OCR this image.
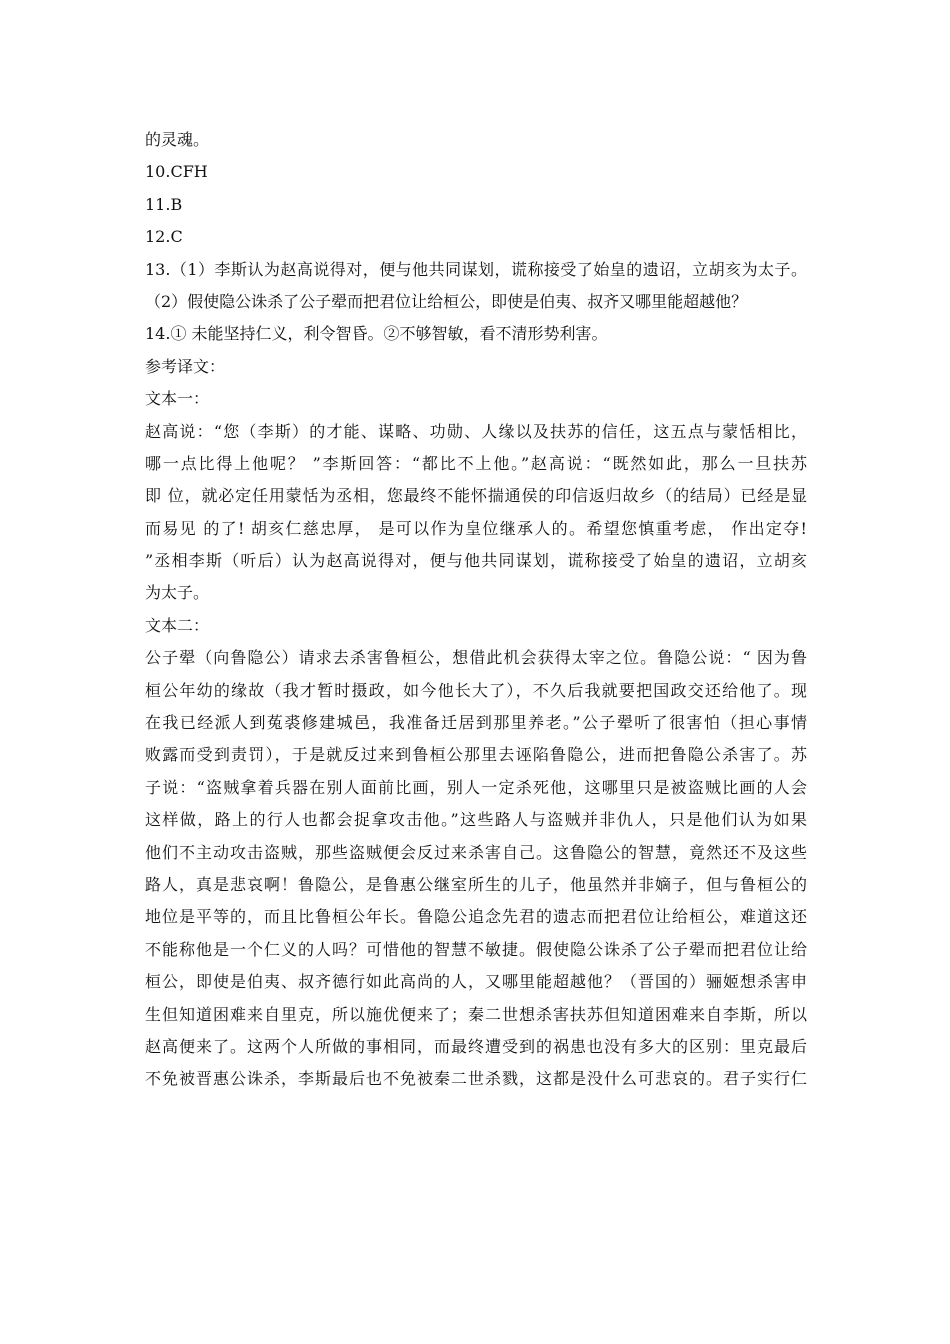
的灵魂。
10.CFH
11.B
12.C
13.（1）李斯认为赵高说得对，便与他共同谋划，谎称接受了始皇的遗诏，立胡亥为太子。
（2）假使隐公诛杀了公子翚而把君位让给桓公，即使是伯夷、叔齐又哪里能超越他？
14.① 未能坚持仁义，利令智昏。②不够智敏，看不清形势利害。
参考译文：
文本一：
赵高说：“您（李斯）的才能、谋略、功勋、人缘以及扶苏的信任，这五点与蒙恬相比，
哪一点比得上他呢？ ”李斯回答：“都比不上他。”赵高说：“既然如此，那么一旦扶苏
即 位，就必定任用蒙恬为丞相，您最终不能怀揣通侯的印信返归故乡（的结局）已经是显
而易见 的了! 胡亥仁慈忠厚， 是可以作为皇位继承人的。希望您慎重考虑， 作出定夺!
”丞相李斯（听后）认为赵高说得对，便与他共同谋划，谎称接受了始皇的遗诏，立胡亥
为太子。
文本二：
公子翚（向鲁隐公）请求去杀害鲁桓公，想借此机会获得太宰之位。鲁隐公说：“ 因为鲁
桓公年幼的缘故（我才暂时摄政，如今他长大了），不久后我就要把国政交还给他了。现
在我已经派人到菟裘修建城邑，我准备迁居到那里养老。”公子翚听了很害怕（担心事情
败露而受到责罚），于是就反过来到鲁桓公那里去诬陷鲁隐公，进而把鲁隐公杀害了。苏
子说：“盗贼拿着兵器在别人面前比画，别人一定杀死他，这哪里只是被盗贼比画的人会
这样做，路上的行人也都会捉拿攻击他。”这些路人与盗贼并非仇人，只是他们认为如果
他们不主动攻击盗贼，那些盗贼便会反过来杀害自己。这鲁隐公的智慧，竟然还不及这些
路人，真是悲哀啊！鲁隐公，是鲁惠公继室所生的儿子，他虽然并非嫡子，但与鲁桓公的
地位是平等的，而且比鲁桓公年长。鲁隐公追念先君的遗志而把君位让给桓公，难道这还
不能称他是一个仁义的人吗？可惜他的智慧不敏捷。假使隐公诛杀了公子翚而把君位让给
桓公，即使是伯夷、叔齐德行如此高尚的人，又哪里能超越他？（晋国的）骊姬想杀害申
生但知道困难来自里克，所以施优便来了；秦二世想杀害扶苏但知道困难来自李斯，所以
赵高便来了。这两个人所做的事相同，而最终遭受到的祸患也没有多大的区别：里克最后
不免被晋惠公诛杀，李斯最后也不免被秦二世杀戮，这都是没什么可悲哀的。君子实行仁
